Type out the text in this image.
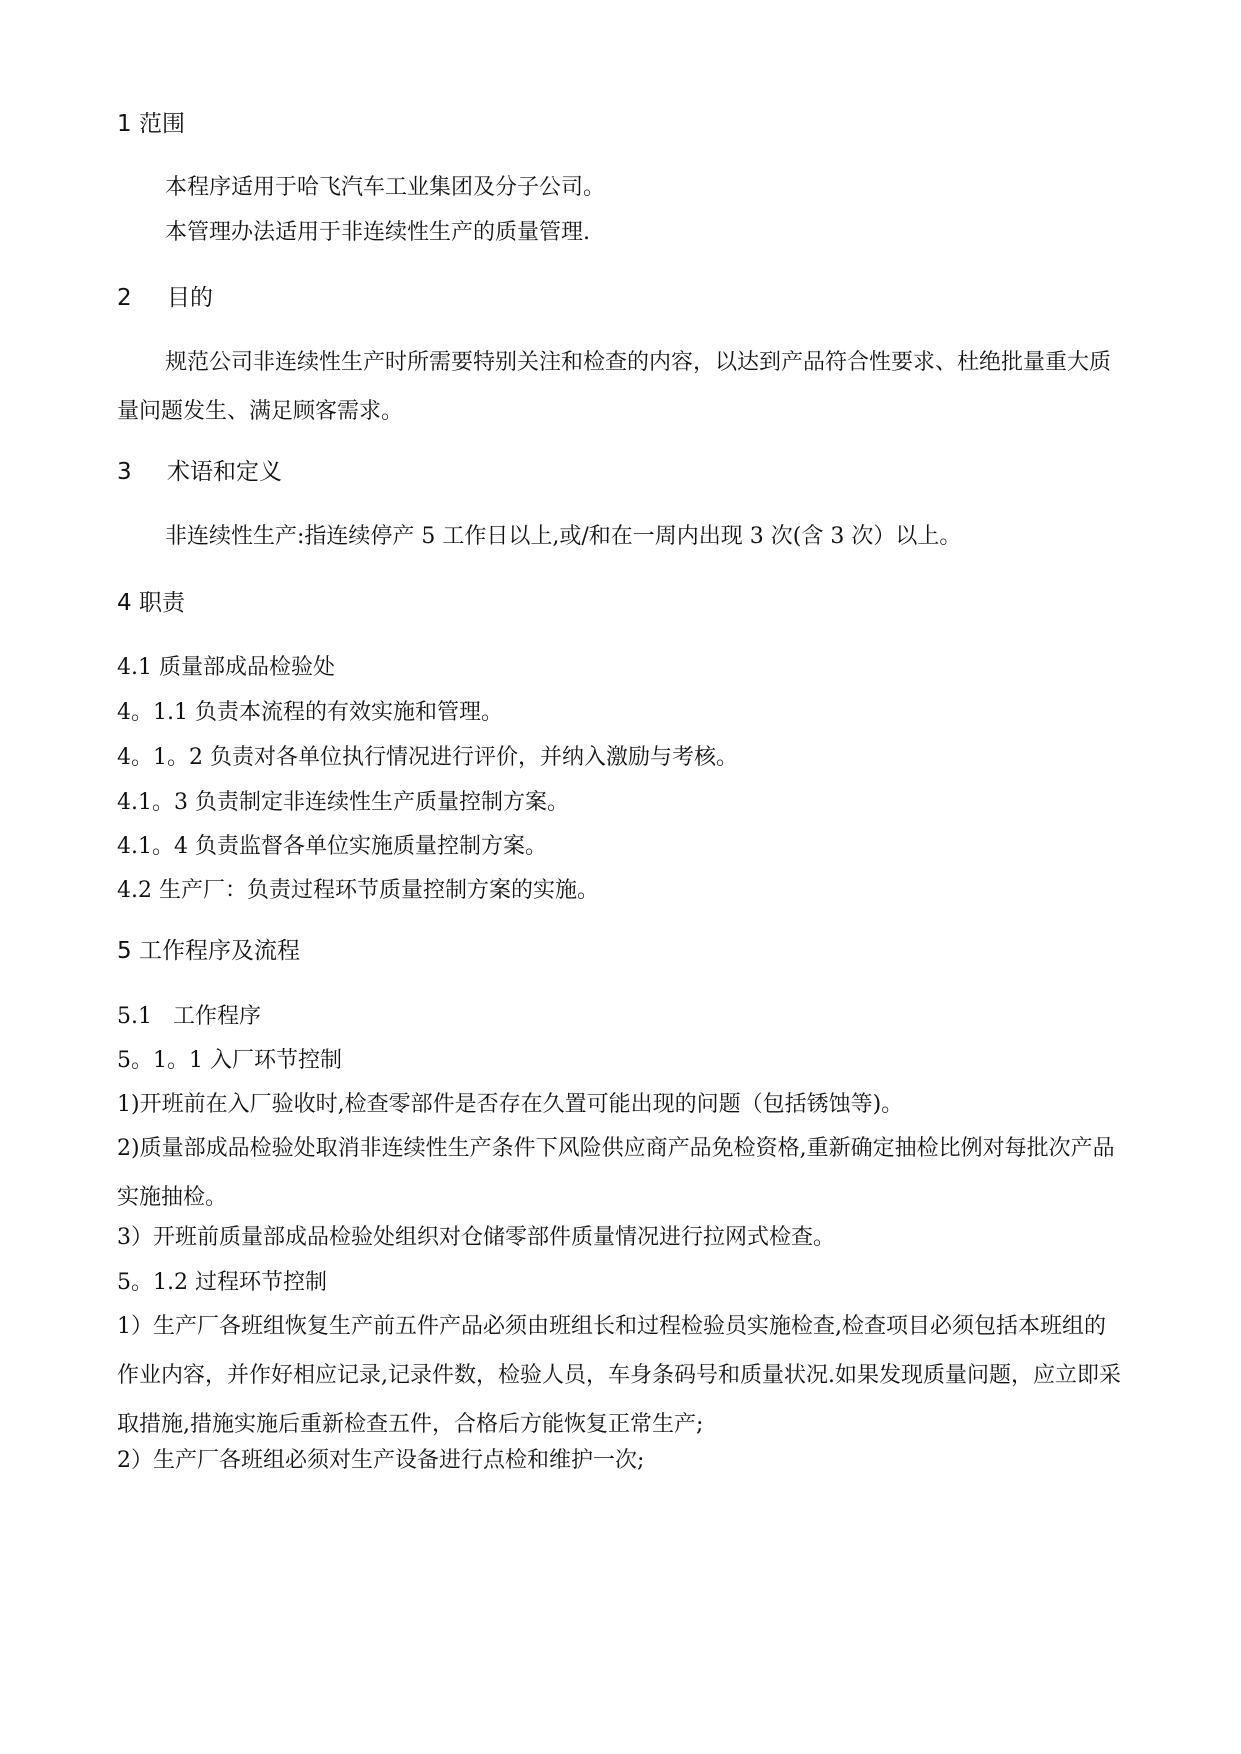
1 范围
本程序适用于哈飞汽车工业集团及分子公司。
本管理办法适用于非连续性生产的质量管理.
2 目的
规范公司非连续性生产时所需要特别关注和检查的内容，以达到产品符合性要求、杜绝批量重大质量问题发生、满足顾客需求。
3 术语和定义
非连续性生产:指连续停产 5 工作日以上,或/和在一周内出现 3 次(含 3 次）以上。
4 职责
4.1 质量部成品检验处
4。1.1 负责本流程的有效实施和管理。
4。1。2 负责对各单位执行情况进行评价，并纳入激励与考核。
4.1。3 负责制定非连续性生产质量控制方案。
4.1。4 负责监督各单位实施质量控制方案。
4.2 生产厂：负责过程环节质量控制方案的实施。
5 工作程序及流程
5.1 工作程序
5。1。1 入厂环节控制
1)开班前在入厂验收时,检查零部件是否存在久置可能出现的问题（包括锈蚀等)。
2)质量部成品检验处取消非连续性生产条件下风险供应商产品免检资格,重新确定抽检比例对每批次产品实施抽检。
3）开班前质量部成品检验处组织对仓储零部件质量情况进行拉网式检查。
5。1.2 过程环节控制
1）生产厂各班组恢复生产前五件产品必须由班组长和过程检验员实施检查,检查项目必须包括本班组的作业内容，并作好相应记录,记录件数，检验人员，车身条码号和质量状况.如果发现质量问题，应立即采取措施,措施实施后重新检查五件，合格后方能恢复正常生产;
2）生产厂各班组必须对生产设备进行点检和维护一次;
